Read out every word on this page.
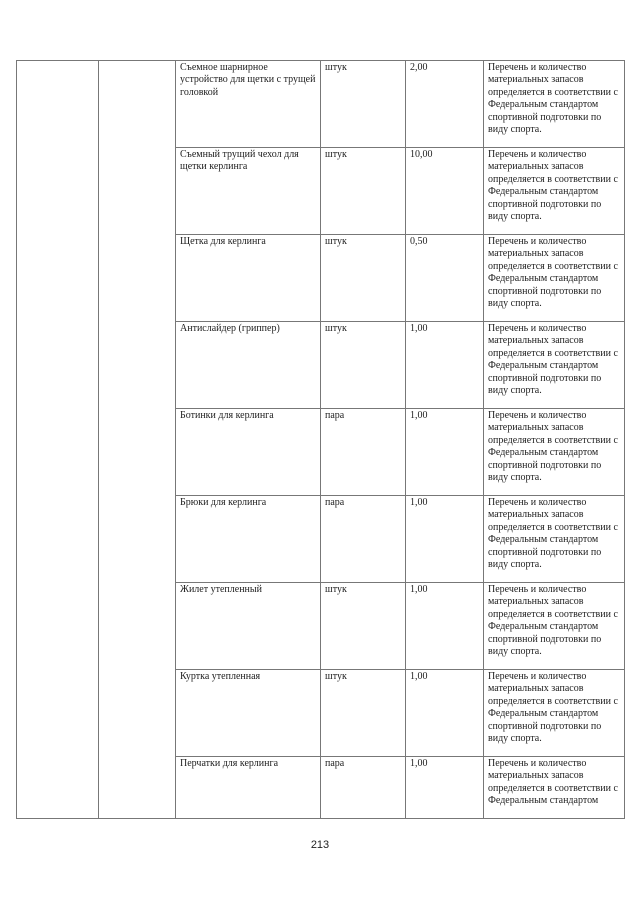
		Съемное шарнирное устройство для щетки с трущей головкой	штук	2,00	Перечень и количество материальных запасов определяется в соответствии с Федеральным стандартом спортивной подготовки по виду спорта.
		Съемный трущий чехол для щетки керлинга	штук	10,00	Перечень и количество материальных запасов определяется в соответствии с Федеральным стандартом спортивной подготовки по виду спорта.
		Щетка для керлинга	штук	0,50	Перечень и количество материальных запасов определяется в соответствии с Федеральным стандартом спортивной подготовки по виду спорта.
		Антислайдер (гриппер)	штук	1,00	Перечень и количество материальных запасов определяется в соответствии с Федеральным стандартом спортивной подготовки по виду спорта.
		Ботинки для керлинга	пара	1,00	Перечень и количество материальных запасов определяется в соответствии с Федеральным стандартом спортивной подготовки по виду спорта.
		Брюки для керлинга	пара	1,00	Перечень и количество материальных запасов определяется в соответствии с Федеральным стандартом спортивной подготовки по виду спорта.
		Жилет утепленный	штук	1,00	Перечень и количество материальных запасов определяется в соответствии с Федеральным стандартом спортивной подготовки по виду спорта.
		Куртка утепленная	штук	1,00	Перечень и количество материальных запасов определяется в соответствии с Федеральным стандартом спортивной подготовки по виду спорта.
		Перчатки для керлинга	пара	1,00	Перечень и количество материальных запасов определяется в соответствии с Федеральным стандартом
213
